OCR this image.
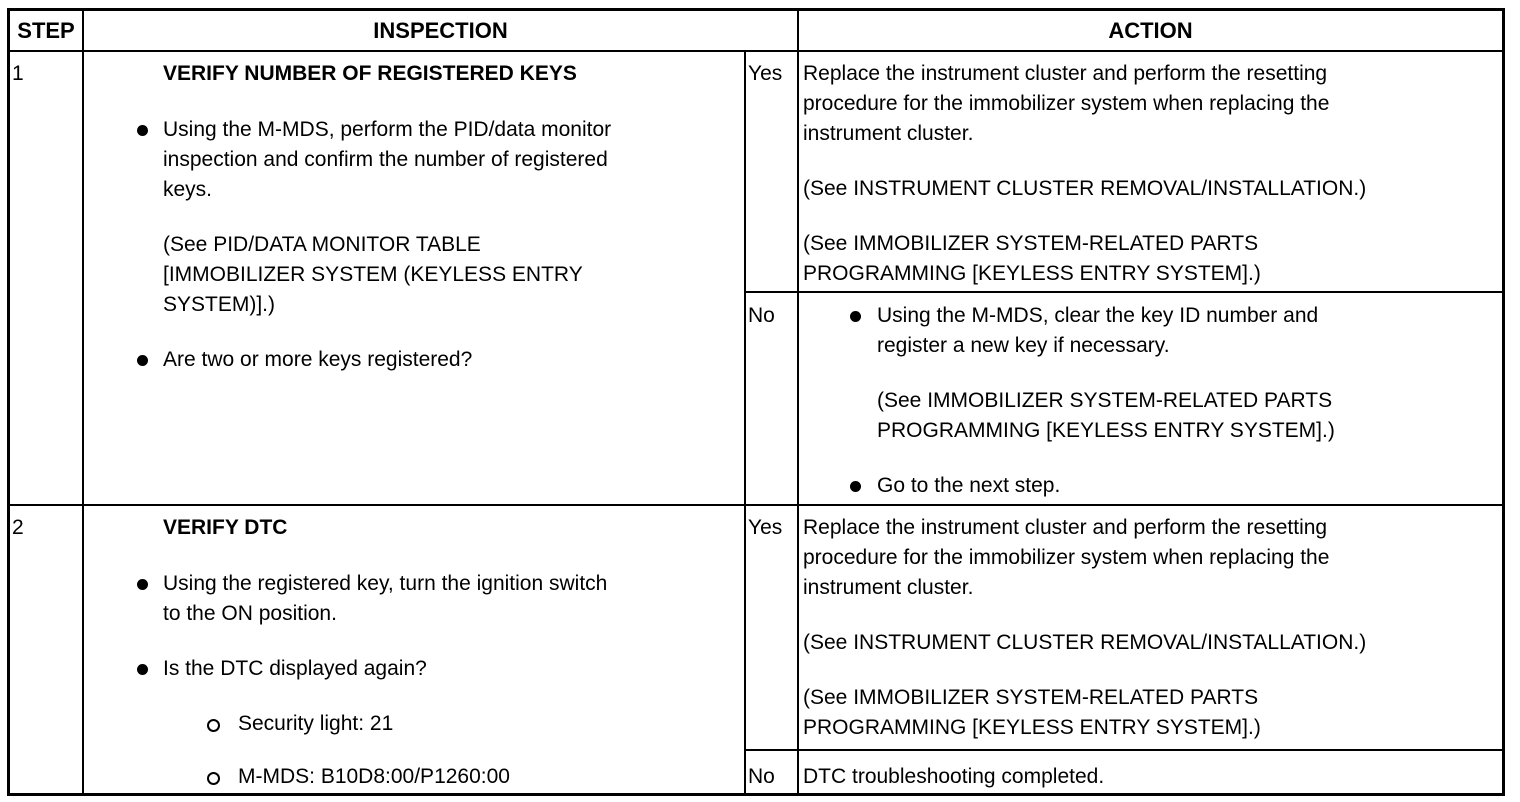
STEP	INSPECTION	ACTION
1	VERIFY NUMBER OF REGISTERED KEYS
Using the M-MDS, perform the PID/data monitor
inspection and confirm the number of registered
keys.
(See PID/DATA MONITOR TABLE
[IMMOBILIZER SYSTEM (KEYLESS ENTRY
SYSTEM)].)
Are two or more keys registered?
Yes Replace the instrument cluster and perform the resetting
procedure for the immobilizer system when replacing the
instrument cluster.
(See INSTRUMENT CLUSTER REMOVAL/INSTALLATION.)
(See IMMOBILIZER SYSTEM-RELATED PARTS
PROGRAMMING [KEYLESS ENTRY SYSTEM].)
No	Using the M-MDS, clear the key ID number and
register a new key if necessary.
(See IMMOBILIZER SYSTEM-RELATED PARTS
PROGRAMMING [KEYLESS ENTRY SYSTEM].)
Go to the next step.
2	VERIFY DTC
Using the registered key, turn the ignition switch
to the ON position.
Is the DTC displayed again?
Security light: 21
M-MDS: B10D8:00/P1260:00
Yes Replace the instrument cluster and perform the resetting
procedure for the immobilizer system when replacing the
instrument cluster.
(See INSTRUMENT CLUSTER REMOVAL/INSTALLATION.)
(See IMMOBILIZER SYSTEM-RELATED PARTS
PROGRAMMING [KEYLESS ENTRY SYSTEM].)
No DTC troubleshooting completed.
